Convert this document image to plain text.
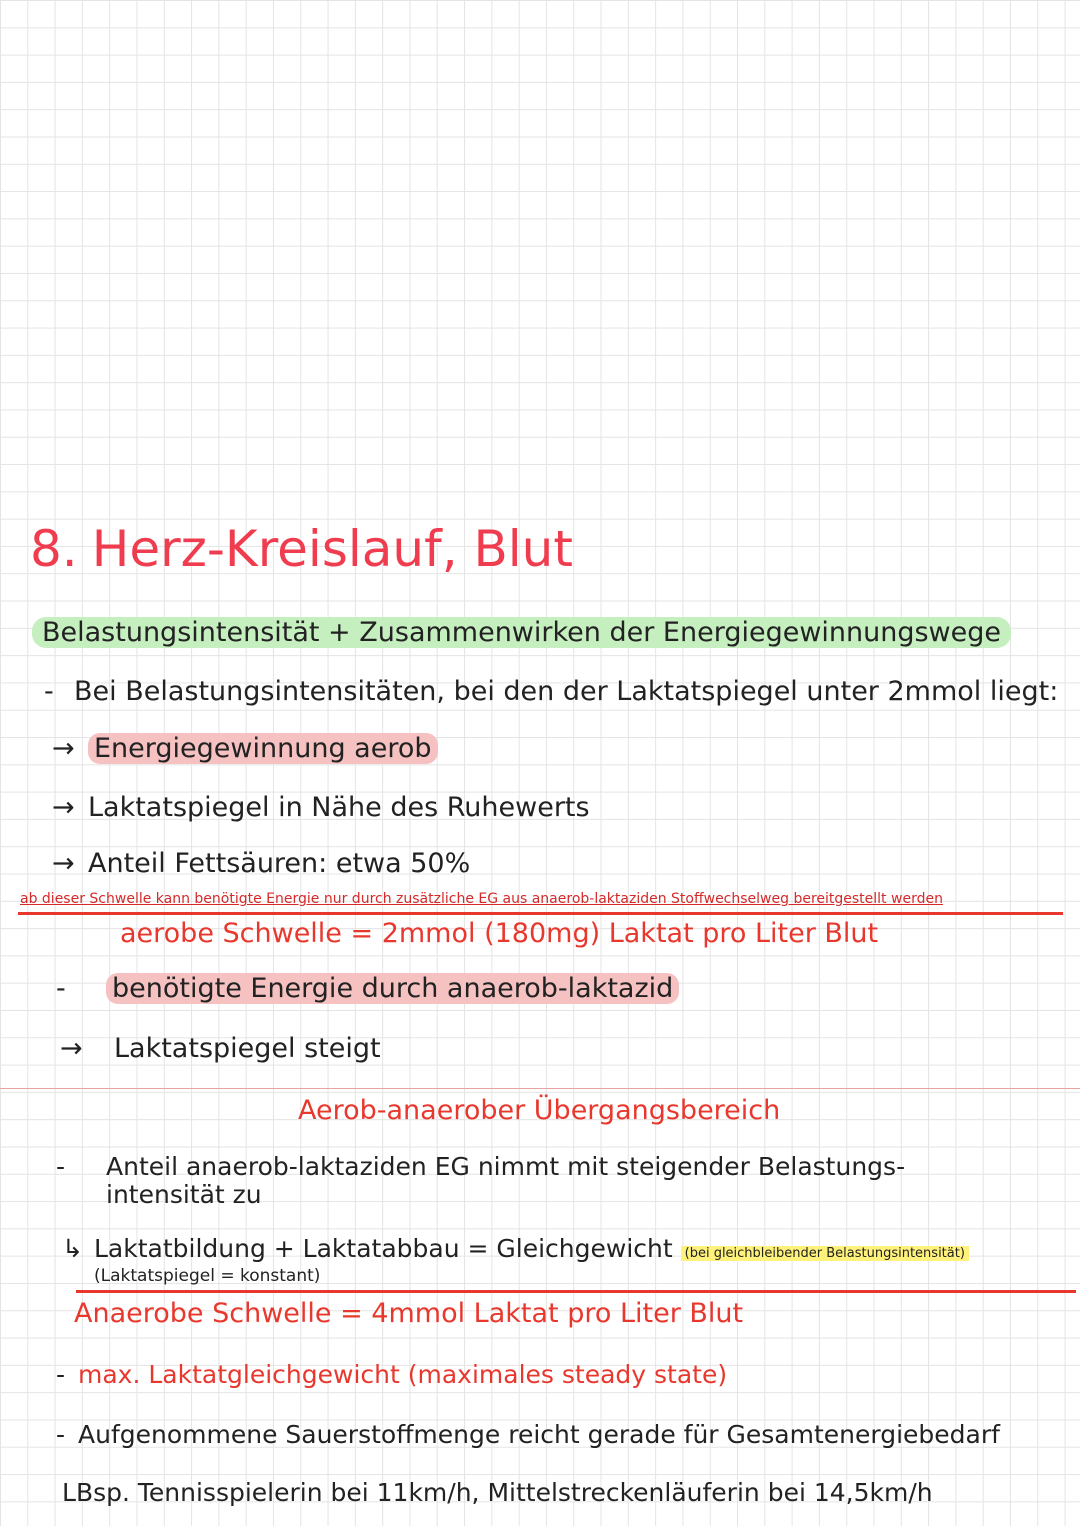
8. Herz-Kreislauf, Blut
Belastungsintensität + Zusammenwirken der Energiegewinnungswege
- Bei Belastungsintensitäten, bei den der Laktatspiegel unter 2mmol liegt:
→ Energiegewinnung aerob
→ Laktatspiegel in Nähe des Ruhewerts
→ Anteil Fettsäuren: etwa 50%
ab dieser Schwelle kann benötigte Energie nur durch zusätzliche EG aus anaerob-laktaziden Stoffwechselweg bereitgestellt werden
aerobe Schwelle = 2mmol (180mg) Laktat pro Liter Blut
- benötigte Energie durch anaerob-laktazid
→ Laktatspiegel steigt
Aerob-anaerober Übergangsbereich
- Anteil anaerob-laktaziden EG nimmt mit steigender Belastungs-
intensität zu
↳ Laktatbildung + Laktatabbau = Gleichgewicht (bei gleichbleibender Belastungsintensität)
(Laktatspiegel = konstant)
Anaerobe Schwelle = 4mmol Laktat pro Liter Blut
- max. Laktatgleichgewicht (maximales steady state)
- Aufgenommene Sauerstoffmenge reicht gerade für Gesamtenergiebedarf
LBsp. Tennisspielerin bei 11km/h, Mittelstreckenläuferin bei 14,5km/h
